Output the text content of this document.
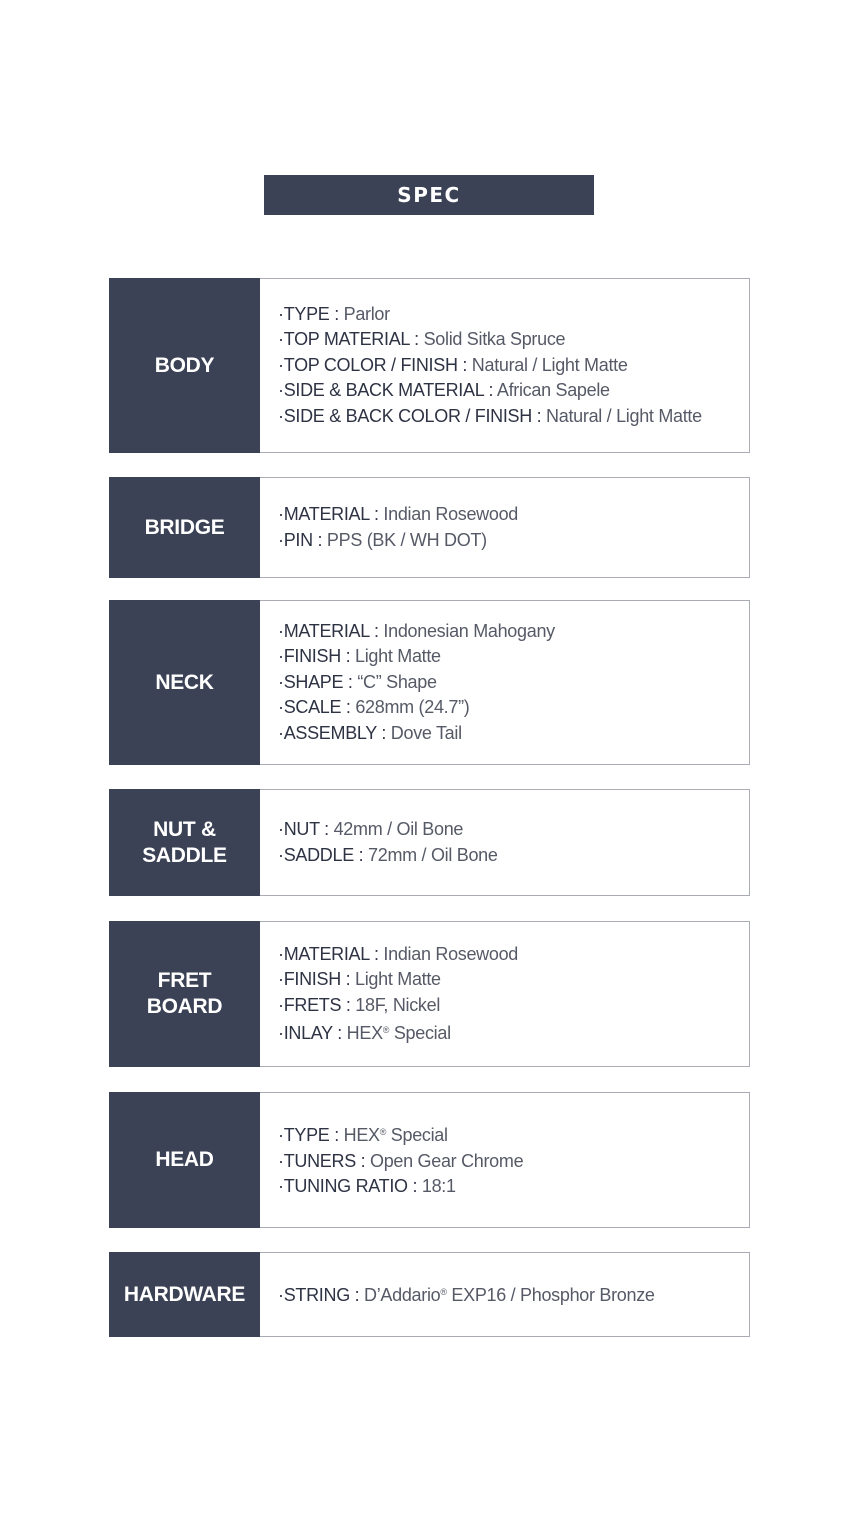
SPEC
BODY
·TYPE : Parlor
·TOP MATERIAL : Solid Sitka Spruce
·TOP COLOR / FINISH : Natural / Light Matte
·SIDE & BACK MATERIAL : African Sapele
·SIDE & BACK COLOR / FINISH : Natural / Light Matte
BRIDGE
·MATERIAL : Indian Rosewood
·PIN : PPS (BK / WH DOT)
NECK
·MATERIAL : Indonesian Mahogany
·FINISH : Light Matte
·SHAPE : “C” Shape
·SCALE : 628mm (24.7”)
·ASSEMBLY : Dove Tail
NUT &
SADDLE
·NUT : 42mm / Oil Bone
·SADDLE : 72mm / Oil Bone
FRET
BOARD
·MATERIAL : Indian Rosewood
·FINISH : Light Matte
·FRETS : 18F, Nickel
·INLAY : HEX® Special
HEAD
·TYPE : HEX® Special
·TUNERS : Open Gear Chrome
·TUNING RATIO : 18:1
HARDWARE	·STRING : D’Addario® EXP16 / Phosphor Bronze
